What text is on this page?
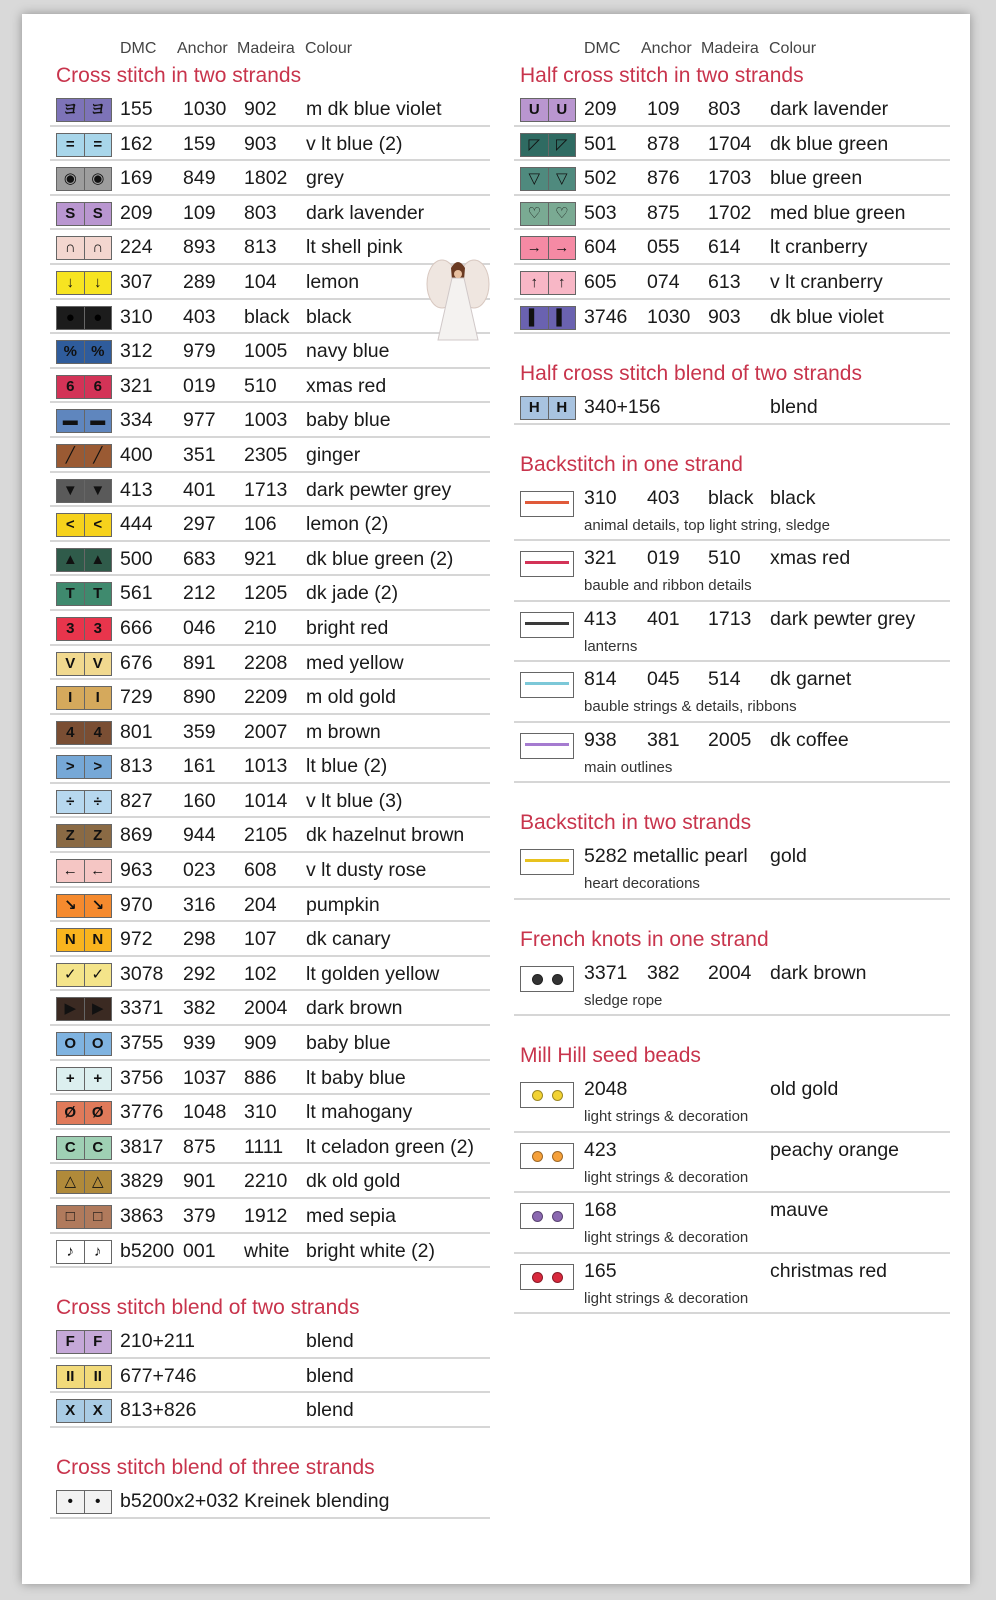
DMC Anchor Madeira Colour
Cross stitch in two strands
ヨ ヨ 155 1030 902 m dk blue violet
=	= 162 159 903 v lt blue (2)
◉ ◉ 169 849 1802 grey
S	S 209 109 803 dark lavender
∩	∩ 224 893 813 lt shell pink
↓	↓ 307 289 104 lemon
●	● 310 403 black black
% % 312 979 1005 navy blue
6	6 321 019 510 xmas red
▬ ▬ 334 977 1003 baby blue
╱	╱ 400 351 2305 ginger
▼ ▼ 413 401 1713 dark pewter grey
<	< 444 297 106 lemon (2)
▲ ▲ 500 683 921 dk blue green (2)
T	T 561 212 1205 dk jade (2)
3	3 666 046 210 bright red
V	V 676 891 2208 med yellow
I	I	729 890 2209 m old gold
4	4 801 359 2007 m brown
>	> 813 161 1013 lt blue (2)
÷	÷ 827 160 1014 v lt blue (3)
Z	Z 869 944 2105 dk hazelnut brown
← ← 963 023 608 v lt dusty rose
↘ ↘ 970 316 204 pumpkin
N	N 972 298 107 dk canary
✓ ✓ 3078 292 102 lt golden yellow
▶	▶ 3371 382 2004 dark brown
O	O 3755 939 909 baby blue
+	+ 3756 1037 886 lt baby blue
Ø	Ø 3776 1048 310 lt mahogany
C	C 3817 875 1111 lt celadon green (2)
△	△ 3829 901 2210 dk old gold
□	□ 3863 379 1912 med sepia
♪	♪ b5200 001 white bright white (2)
Cross stitch blend of two strands
F	F 210+211	blend
II	II 677+746	blend
X	X 813+826	blend
Cross stitch blend of three strands
•	•	b5200x2+032 Kreinek blending
DMC Anchor Madeira Colour
Half cross stitch in two strands
U	U 209 109 803 dark lavender
◸	◸ 501 878 1704 dk blue green
▽	▽ 502 876 1703 blue green
♡ ♡ 503 875 1702 med blue green
→ → 604 055 614 lt cranberry
↑	↑ 605 074 613 v lt cranberry
▌	▌ 3746 1030 903 dk blue violet
Half cross stitch blend of two strands
H	H 340+156	blend
Backstitch in one strand
310 403 black black
animal details, top light string, sledge
321 019 510 xmas red
bauble and ribbon details
413 401 1713 dark pewter grey
lanterns
814 045 514 dk garnet
bauble strings & details, ribbons
938 381 2005 dk coffee
main outlines
Backstitch in two strands
5282 metallic pearl gold
heart decorations
French knots in one strand
3371 382 2004 dark brown
sledge rope
Mill Hill seed beads
2048	old gold
light strings & decoration
423	peachy orange
light strings & decoration
168	mauve
light strings & decoration
165	christmas red
light strings & decoration
